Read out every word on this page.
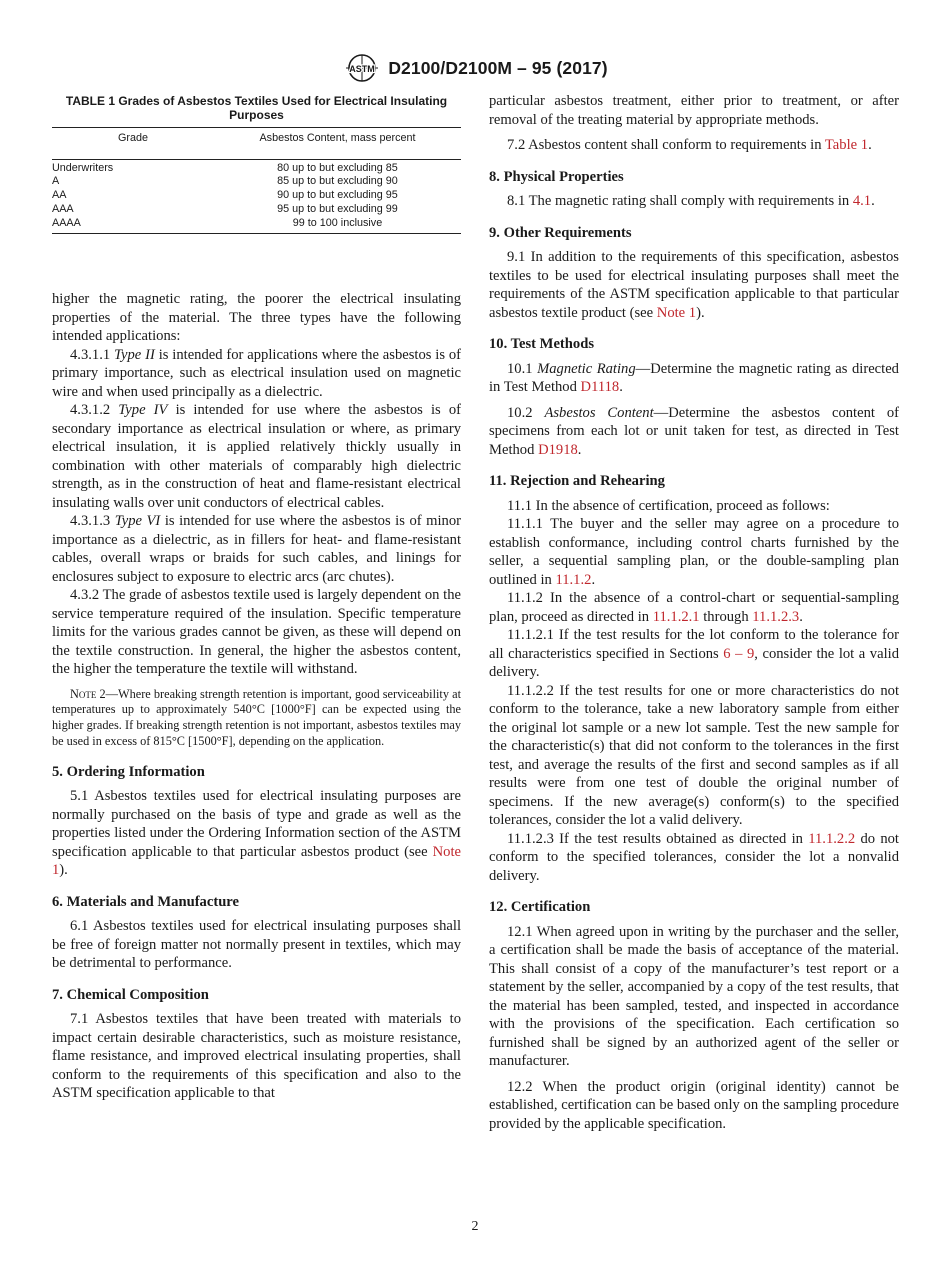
ASTM D2100/D2100M – 95 (2017)
TABLE 1 Grades of Asbestos Textiles Used for Electrical Insulating Purposes
Grade	Asbestos Content, mass percent
Underwriters	80 up to but excluding 85
A	85 up to but excluding 90
AA	90 up to but excluding 95
AAA	95 up to but excluding 99
AAAA	99 to 100 inclusive

higher the magnetic rating, the poorer the electrical insulating properties of the material. The three types have the following intended applications:

4.3.1.1 Type II is intended for applications where the asbestos is of primary importance, such as electrical insulation used on magnetic wire and when used principally as a dielectric.

4.3.1.2 Type IV is intended for use where the asbestos is of secondary importance as electrical insulation or where, as primary electrical insulation, it is applied relatively thickly usually in combination with other materials of comparably high dielectric strength, as in the construction of heat and flame-resistant electrical insulating walls over unit conductors of electrical cables.

4.3.1.3 Type VI is intended for use where the asbestos is of minor importance as a dielectric, as in fillers for heat- and flame-resistant cables, overall wraps or braids for such cables, and linings for enclosures subject to exposure to electric arcs (arc chutes).

4.3.2 The grade of asbestos textile used is largely dependent on the service temperature required of the insulation. Specific temperature limits for the various grades cannot be given, as these will depend on the textile construction. In general, the higher the asbestos content, the higher the temperature the textile will withstand.

Note 2—Where breaking strength retention is important, good serviceability at temperatures up to approximately 540°C [1000°F] can be expected using the higher grades. If breaking strength retention is not important, asbestos textiles may be used in excess of 815°C [1500°F], depending on the application.

5. Ordering Information

5.1 Asbestos textiles used for electrical insulating purposes are normally purchased on the basis of type and grade as well as the properties listed under the Ordering Information section of the ASTM specification applicable to that particular asbestos product (see Note 1).

6. Materials and Manufacture

6.1 Asbestos textiles used for electrical insulating purposes shall be free of foreign matter not normally present in textiles, which may be detrimental to performance.

7. Chemical Composition

7.1 Asbestos textiles that have been treated with materials to impact certain desirable characteristics, such as moisture resistance, flame resistance, and improved electrical insulating properties, shall conform to the requirements of this specification and also to the ASTM specification applicable to that

particular asbestos treatment, either prior to treatment, or after removal of the treating material by appropriate methods.

7.2 Asbestos content shall conform to requirements in Table 1.

8. Physical Properties

8.1 The magnetic rating shall comply with requirements in 4.1.

9. Other Requirements

9.1 In addition to the requirements of this specification, asbestos textiles to be used for electrical insulating purposes shall meet the requirements of the ASTM specification applicable to that particular asbestos textile product (see Note 1).

10. Test Methods

10.1 Magnetic Rating—Determine the magnetic rating as directed in Test Method D1118.

10.2 Asbestos Content—Determine the asbestos content of specimens from each lot or unit taken for test, as directed in Test Method D1918.

11. Rejection and Rehearing

11.1 In the absence of certification, proceed as follows:

11.1.1 The buyer and the seller may agree on a procedure to establish conformance, including control charts furnished by the seller, a sequential sampling plan, or the double-sampling plan outlined in 11.1.2.

11.1.2 In the absence of a control-chart or sequential-sampling plan, proceed as directed in 11.1.2.1 through 11.1.2.3.

11.1.2.1 If the test results for the lot conform to the tolerance for all characteristics specified in Sections 6 – 9, consider the lot a valid delivery.

11.1.2.2 If the test results for one or more characteristics do not conform to the tolerance, take a new laboratory sample from either the original lot sample or a new lot sample. Test the new sample for the characteristic(s) that did not conform to the tolerances in the first test, and average the results of the first and second samples as if all results were from one test of double the original number of specimens. If the new average(s) conform(s) to the specified tolerances, consider the lot a valid delivery.

11.1.2.3 If the test results obtained as directed in 11.1.2.2 do not conform to the specified tolerances, consider the lot a nonvalid delivery.

12. Certification

12.1 When agreed upon in writing by the purchaser and the seller, a certification shall be made the basis of acceptance of the material. This shall consist of a copy of the manufacturer’s test report or a statement by the seller, accompanied by a copy of the test results, that the material has been sampled, tested, and inspected in accordance with the provisions of the specification. Each certification so furnished shall be signed by an authorized agent of the seller or manufacturer.

12.2 When the product origin (original identity) cannot be established, certification can be based only on the sampling procedure provided by the applicable specification.

2
